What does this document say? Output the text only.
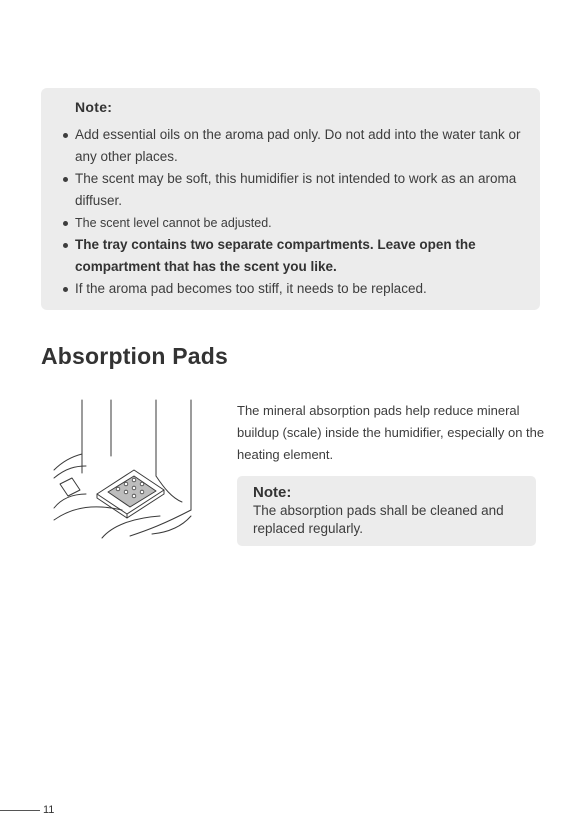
Note:
Add essential oils on the aroma pad only. Do not add into the water tank or any other places.
The scent may be soft, this humidifier is not intended to work as an aroma diffuser.
The scent level cannot be adjusted.
The tray contains two separate compartments. Leave open the compartment that has the scent you like.
If the aroma pad becomes too stiff, it needs to be replaced.
Absorption Pads
The mineral absorption pads help reduce mineral buildup (scale) inside the humidifier, especially on the heating element.
Note:
The absorption pads shall be cleaned and replaced regularly.
11
